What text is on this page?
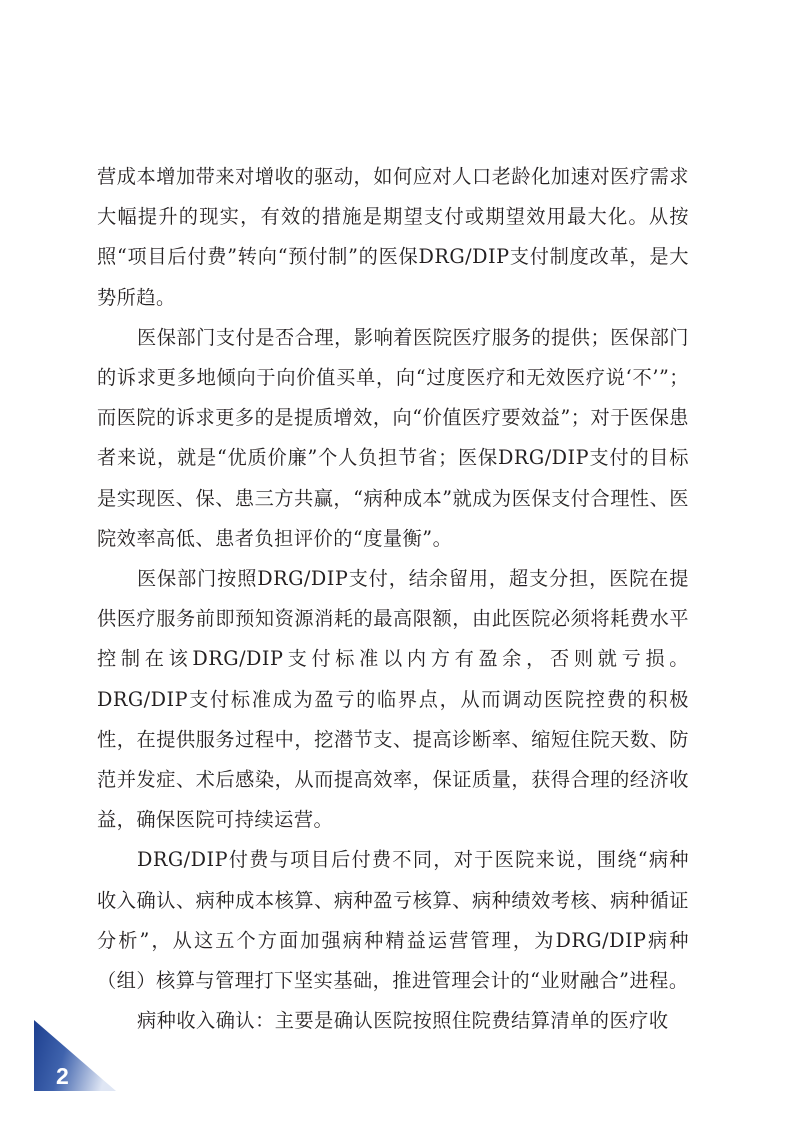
营成本增加带来对增收的驱动，如何应对人口老龄化加速对医疗需求大幅提升的现实，有效的措施是期望支付或期望效用最大化。从按照“项目后付费”转向“预付制”的医保DRG/DIP支付制度改革，是大势所趋。

医保部门支付是否合理，影响着医院医疗服务的提供；医保部门的诉求更多地倾向于向价值买单，向“过度医疗和无效医疗说‘不’”；而医院的诉求更多的是提质增效，向“价值医疗要效益”；对于医保患者来说，就是“优质价廉”个人负担节省；医保DRG/DIP支付的目标是实现医、保、患三方共赢，“病种成本”就成为医保支付合理性、医院效率高低、患者负担评价的“度量衡”。

医保部门按照DRG/DIP支付，结余留用，超支分担，医院在提供医疗服务前即预知资源消耗的最高限额，由此医院必须将耗费水平控制在该DRG/DIP支付标准以内方有盈余，否则就亏损。DRG/DIP支付标准成为盈亏的临界点，从而调动医院控费的积极性，在提供服务过程中，挖潜节支、提高诊断率、缩短住院天数、防范并发症、术后感染，从而提高效率，保证质量，获得合理的经济收益，确保医院可持续运营。

DRG/DIP付费与项目后付费不同，对于医院来说，围绕“病种收入确认、病种成本核算、病种盈亏核算、病种绩效考核、病种循证分析”，从这五个方面加强病种精益运营管理，为DRG/DIP病种（组）核算与管理打下坚实基础，推进管理会计的“业财融合”进程。

病种收入确认：主要是确认医院按照住院费结算清单的医疗收

2
